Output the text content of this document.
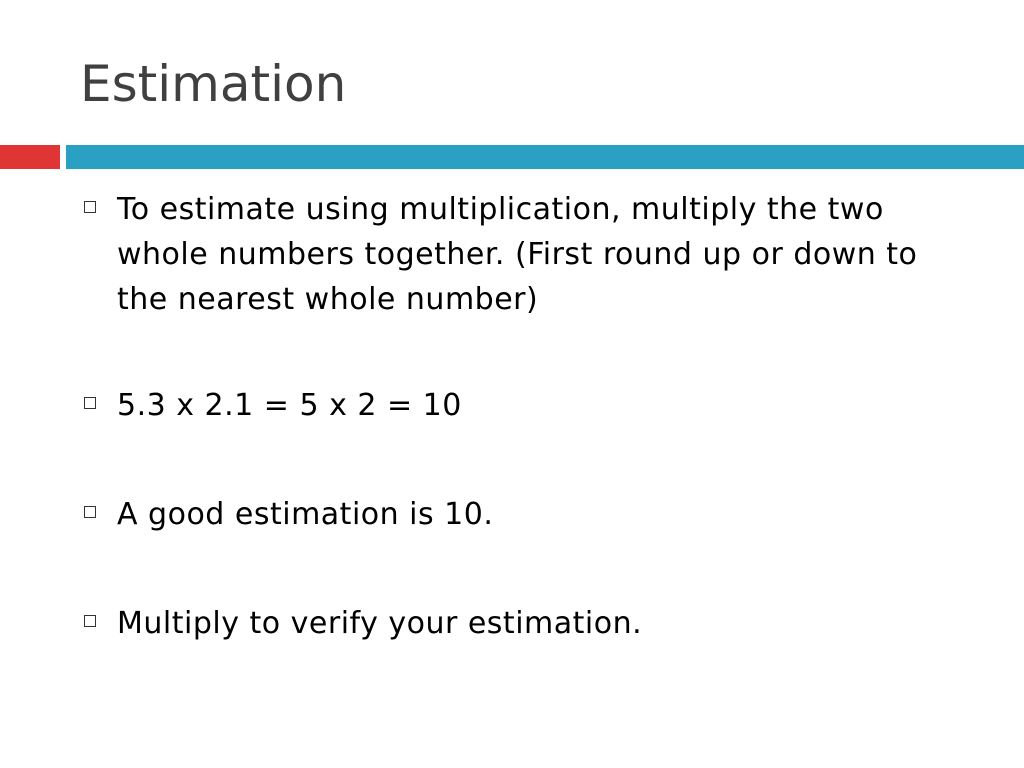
Estimation
To estimate using multiplication, multiply the two whole numbers together. (First round up or down to the nearest whole number)
5.3 x 2.1 = 5 x 2 = 10
A good estimation is 10.
Multiply to verify your estimation.
